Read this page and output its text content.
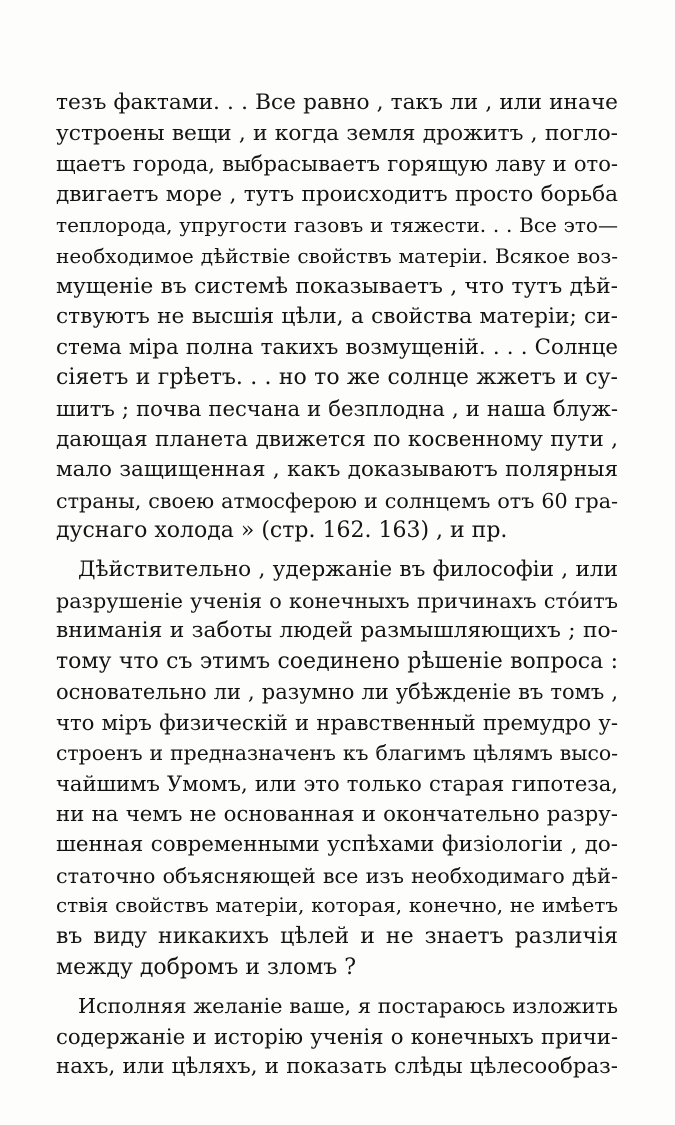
тезъ фактами. . . Все равно , такъ ли , или иначе
устроены вещи , и когда земля дрожитъ , погло-
щаетъ города, выбрасываетъ горящую лаву и ото-
двигаетъ море , тутъ происходитъ просто борьба
теплорода, упругости газовъ и тяжести. . . Все это—
необходимое дѣйствіе свойствъ матеріи. Всякое воз-
мущеніе въ системѣ показываетъ , что тутъ дѣй-
ствуютъ не высшія цѣли, а свойства матеріи; си-
стема міра полна такихъ возмущеній. . . . Солнце
сіяетъ и грѣетъ. . . но то же солнце жжетъ и су-
шитъ ; почва песчана и безплодна , и наша блуж-
дающая планета движется по косвенному пути ,
мало защищенная , какъ доказываютъ полярныя
страны, своею атмосферою и солнцемъ отъ 60 гра-
дуснаго холода » (стр. 162. 163) , и пр.
Дѣйствительно , удержаніе въ философіи , или
разрушеніе ученія о конечныхъ причинахъ стóитъ
вниманія и заботы людей размышляющихъ ; по-
тому что съ этимъ соединено рѣшеніе вопроса :
основательно ли , разумно ли убѣжденіе въ томъ ,
что міръ физическій и нравственный премудро у-
строенъ и предназначенъ къ благимъ цѣлямъ высо-
чайшимъ Умомъ, или это только старая гипотеза,
ни на чемъ не основанная и окончательно разру-
шенная современными успѣхами физіологіи , до-
статочно объясняющей все изъ необходимаго дѣй-
ствія свойствъ матеріи, которая, конечно, не имѣетъ
въ виду никакихъ цѣлей и не знаетъ различія
между добромъ и зломъ ?
Исполняя желаніе ваше, я постараюсь изложить
содержаніе и исторію ученія о конечныхъ причи-
нахъ, или цѣляхъ, и показать слѣды цѣлесообраз-
